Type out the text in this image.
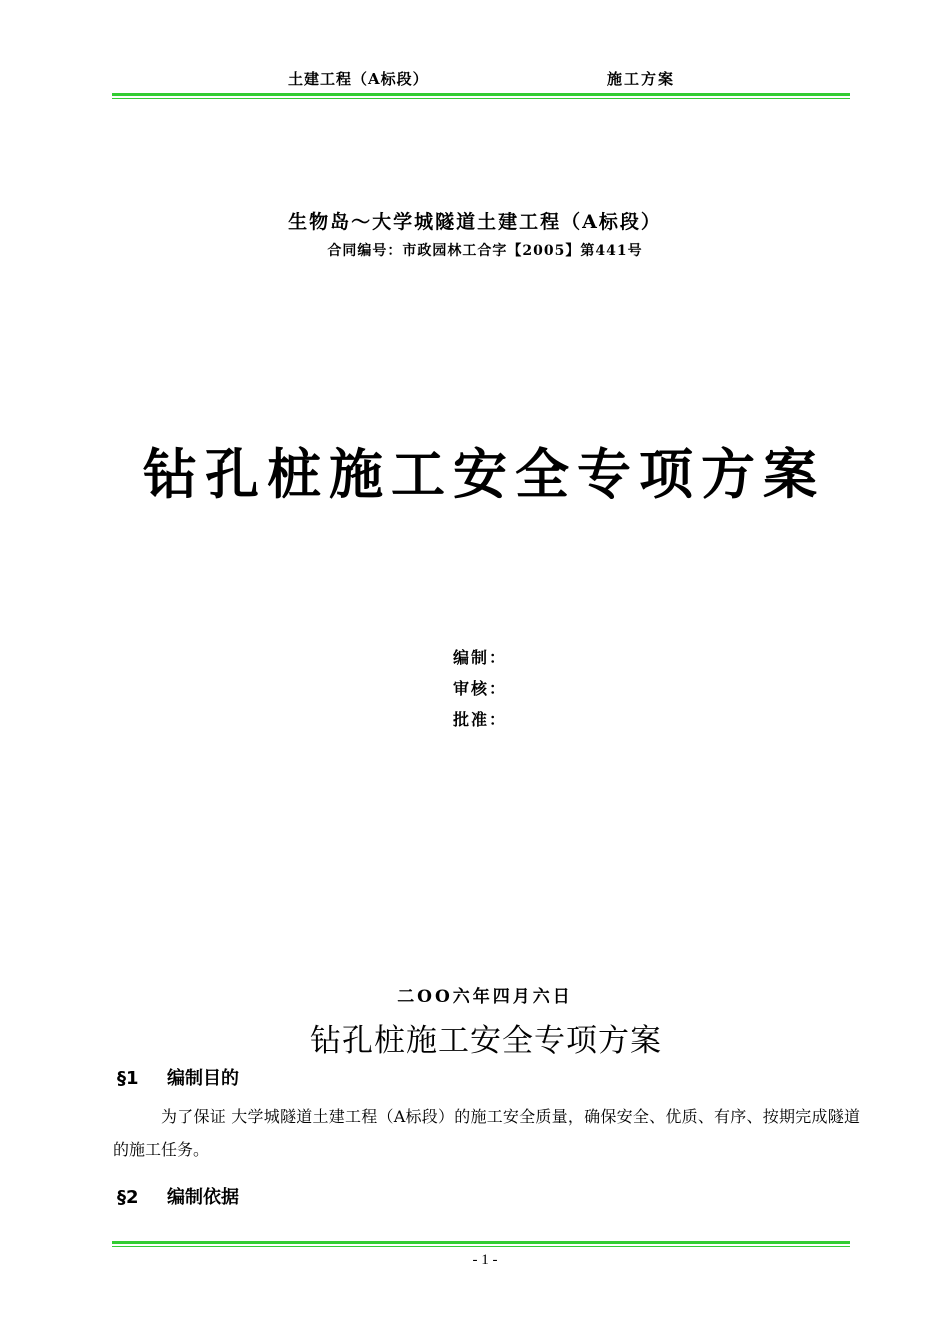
土建工程（A标段）	施工方案
生物岛～大学城隧道土建工程（A标段）
合同编号：市政园林工合字【2005】第441号
钻孔桩施工安全专项方案
编制：
审核：
批准：
二OO六年四月六日
钻孔桩施工安全专项方案
§1 编制目的
为了保证 大学城隧道土建工程（A标段）的施工安全质量，确保安全、优质、有序、按期完成隧道的施工任务。
§2 编制依据
- 1 -
